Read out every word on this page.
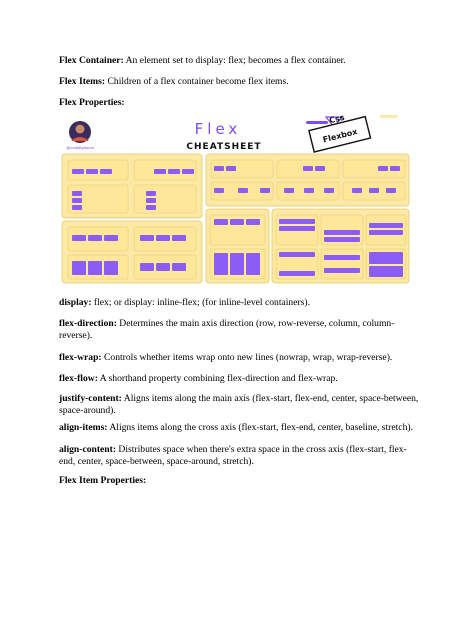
Flex Container: An element set to display: flex; becomes a flex container.

Flex Items: Children of a flex container become flex items.

Flex Properties:

@codeByAsmit
Flex
CHEATSHEET
Css
Flexbox

display: flex; or display: inline-flex; (for inline-level containers).

flex-direction: Determines the main axis direction (row, row-reverse, column, column-reverse).

flex-wrap: Controls whether items wrap onto new lines (nowrap, wrap, wrap-reverse).

flex-flow: A shorthand property combining flex-direction and flex-wrap.

justify-content: Aligns items along the main axis (flex-start, flex-end, center, space-between, space-around).

align-items: Aligns items along the cross axis (flex-start, flex-end, center, baseline, stretch).

align-content: Distributes space when there's extra space in the cross axis (flex-start, flex-end, center, space-between, space-around, stretch).

Flex Item Properties:
